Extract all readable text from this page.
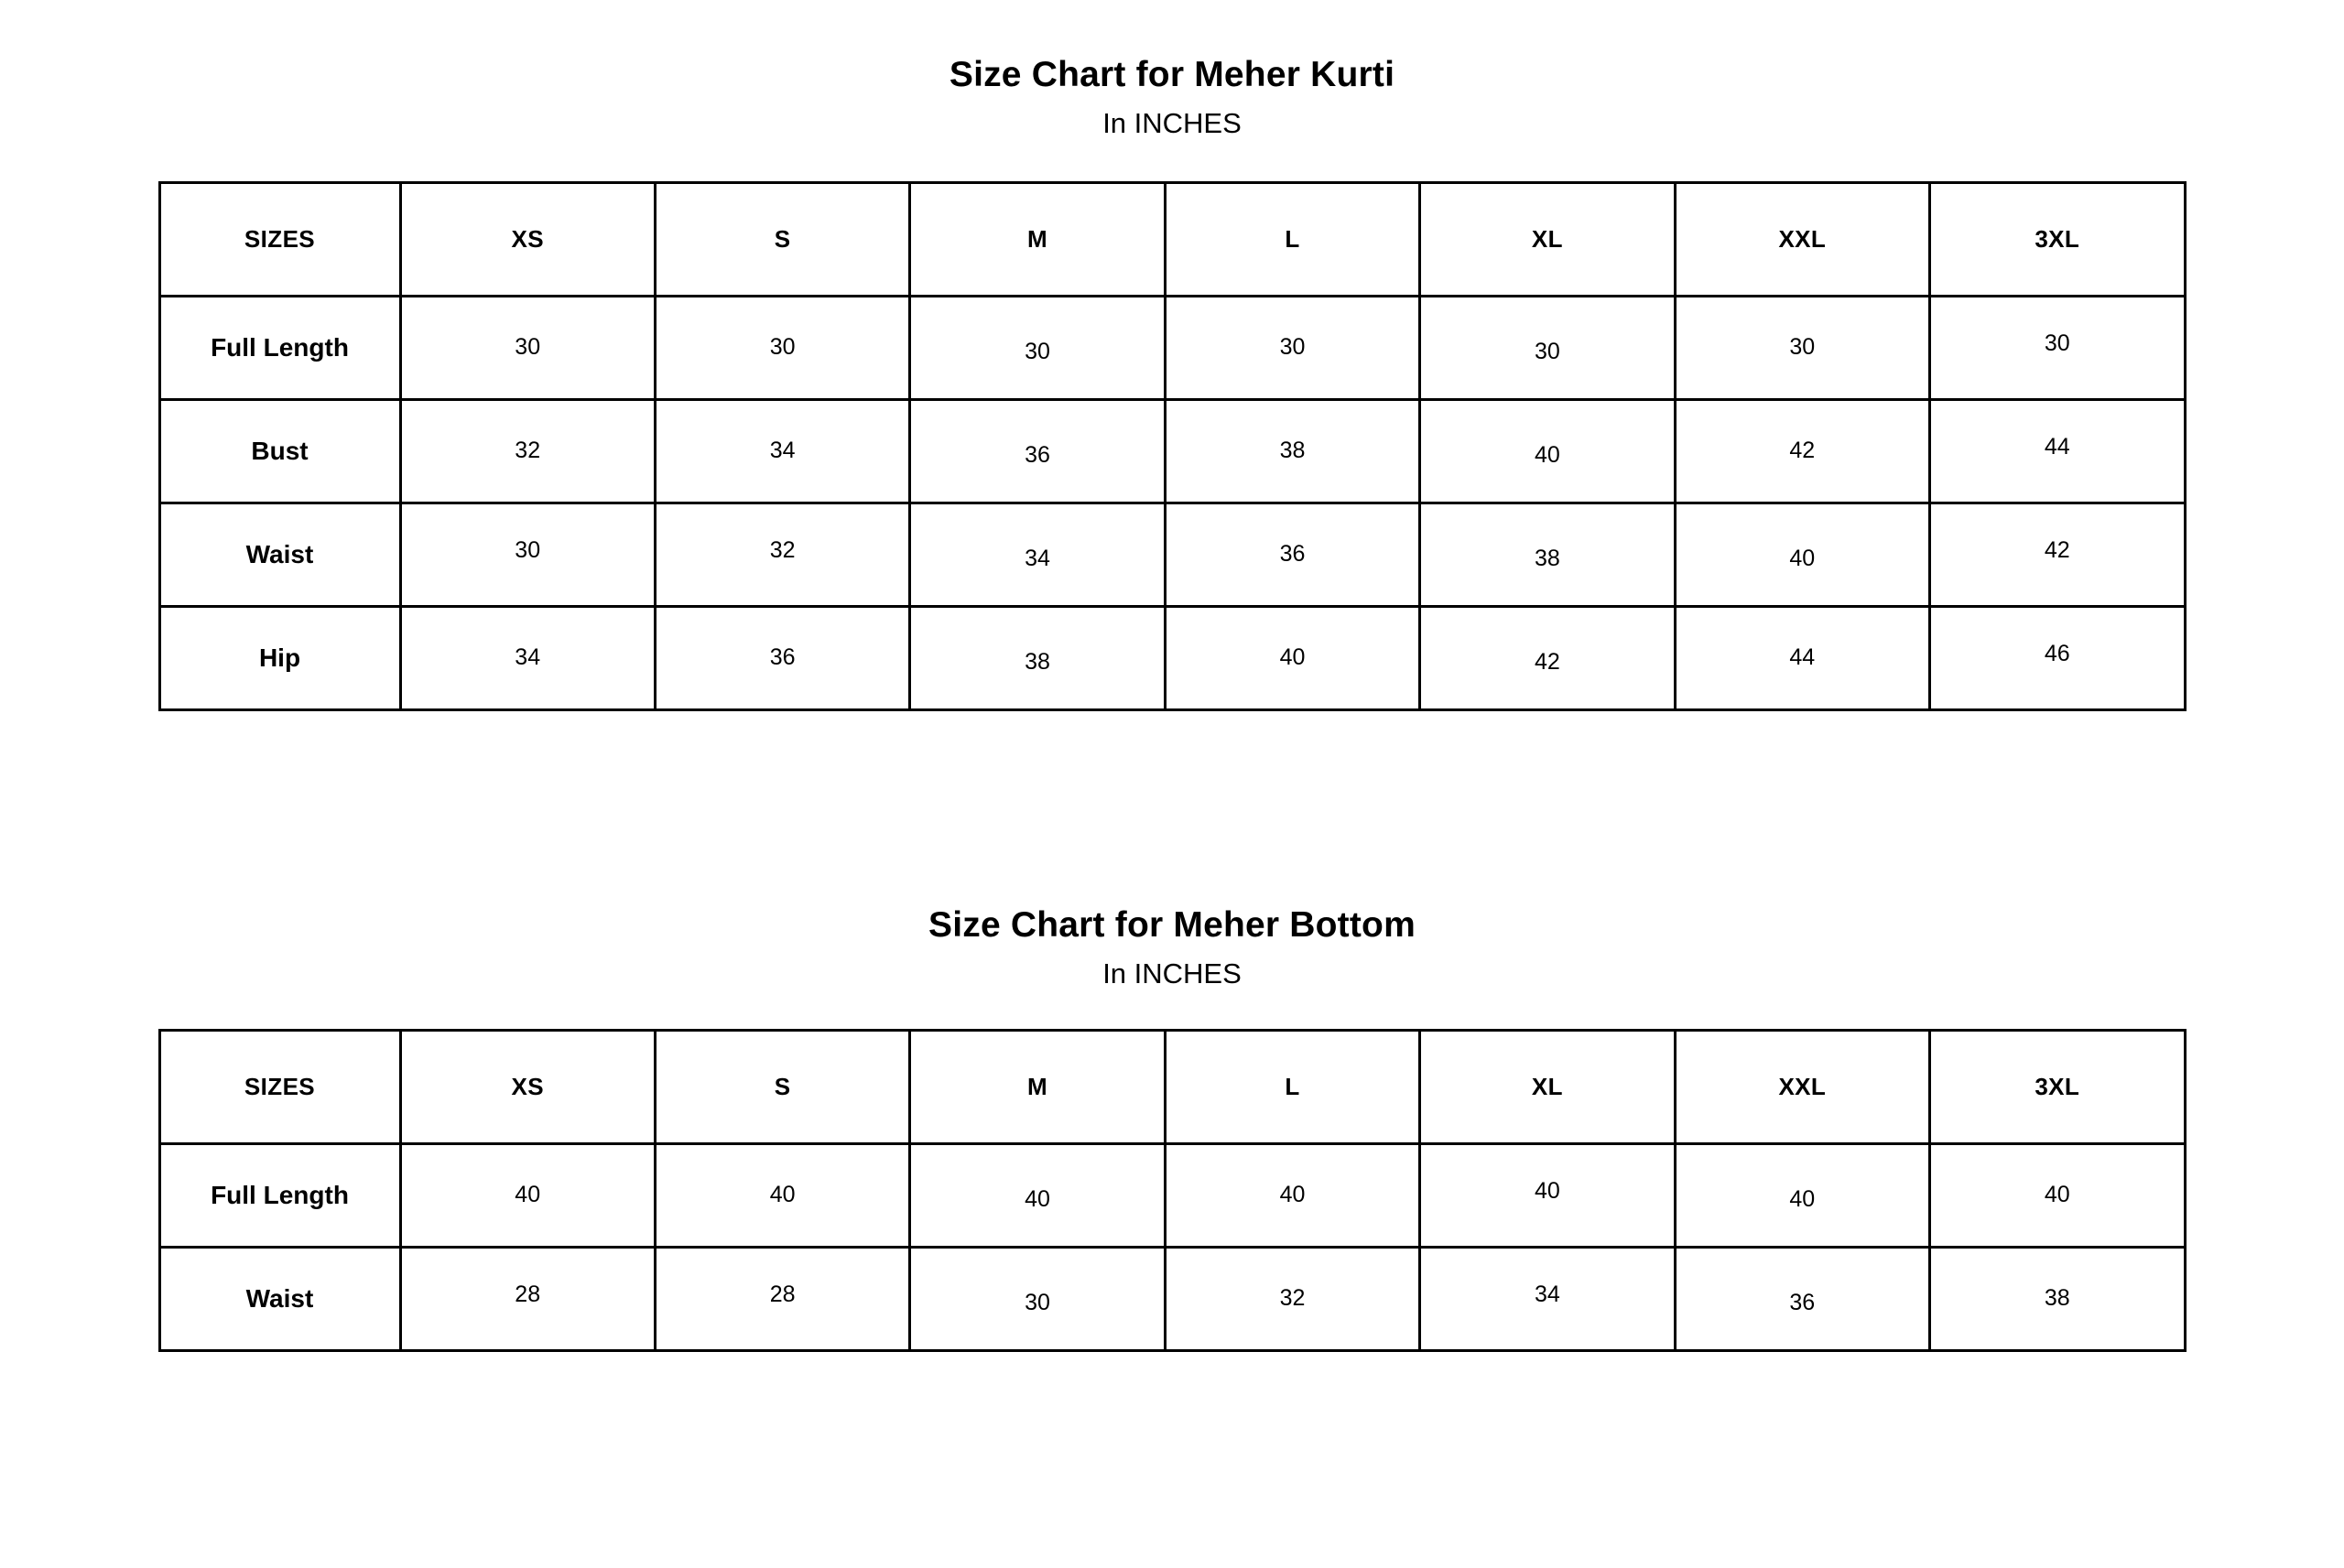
Size Chart for Meher Kurti
In INCHES
SIZES	XS	S	M	L	XL	XXL	3XL
Full Length	30	30	30	30	30	30	30
Bust	32	34	36	38	40	42	44
Waist	30	32	34	36	38	40	42
Hip	34	36	38	40	42	44	46
Size Chart for Meher Bottom
In INCHES
SIZES	XS	S	M	L	XL	XXL	3XL
Full Length	40	40	40	40	40	40	40
Waist	28	28	30	32	34	36	38
